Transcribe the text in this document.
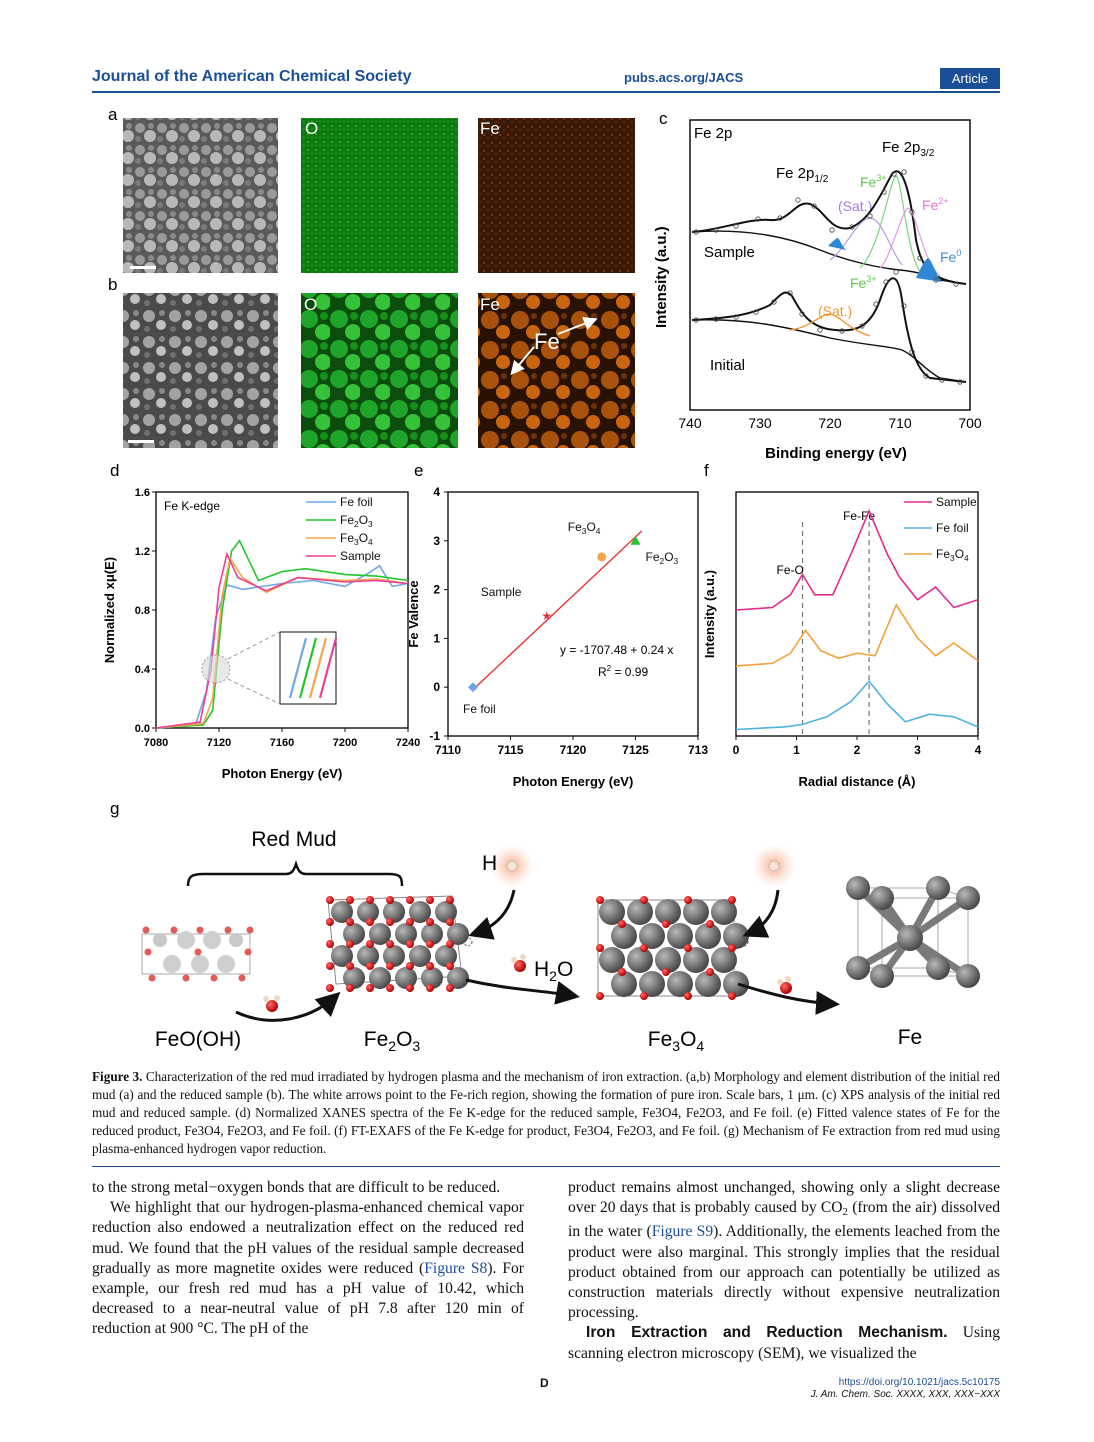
Journal of the American Chemical Society	pubs.acs.org/JACS	Article
a
O	Fe
b
O	Fe
Fe
c
Fe 2p
Fe $2p_{3/2}$
Fe $2p_{1/2}$ $Fe^{3+}$
(Sat.)	$Fe^{2+}$
Fe$^0$
Sample
$Fe^{3+}$
(Sat.)
Initial
Intensity (a.u.)
740	730	720	710	700
Binding energy (eV)
d
7080	7120	7160	7200	7240
0.0
0.4
0.8
1.2
1.6
Photon Energy (eV)
Normalized xμ(E)
Fe K-edge	Fe foil
$Fe_2O_3$
$Fe_3O_4$
Sample
e
7110	7115	7120	7125	713
-1
0
1
2
3
4
Photon Energy (eV)
Fe Valence
Fe foil
★
Sample
$Fe_3O_4$
$Fe_2O_3$
y = -1707.48 + 0.24 x
$R^2 = 0.99$
f
0	1	2	3	4
Radial distance (Å)
Intensity (a.u.)	Fe-O
Fe-Fe
Sample
Fe foil
$Fe_3O_4$
g
Red Mud
FeO(OH)	$Fe_2O_3$
H
$H_2O$
$Fe_3O_4$	Fe
Figure 3. Characterization of the red mud irradiated by hydrogen plasma and the mechanism of iron extraction. (a,b) Morphology and element distribution of the initial red mud (a) and the reduced sample (b). The white arrows point to the Fe-rich region, showing the formation of pure iron. Scale bars, 1 μm. (c) XPS analysis of the initial red mud and reduced sample. (d) Normalized XANES spectra of the Fe K-edge for the reduced sample, Fe3O4, Fe2O3, and Fe foil. (e) Fitted valence states of Fe for the reduced product, Fe3O4, Fe2O3, and Fe foil. (f) FT-EXAFS of the Fe K-edge for product, Fe3O4, Fe2O3, and Fe foil. (g) Mechanism of Fe extraction from red mud using plasma-enhanced hydrogen vapor reduction.

to the strong metal−oxygen bonds that are difficult to be reduced.

We highlight that our hydrogen-plasma-enhanced chemical vapor reduction also endowed a neutralization effect on the reduced red mud. We found that the pH values of the residual sample decreased gradually as more magnetite oxides were reduced (Figure S8). For example, our fresh red mud has a pH value of 10.42, which decreased to a near-neutral value of pH 7.8 after 120 min of reduction at 900 °C. The pH of the

product remains almost unchanged, showing only a slight decrease over 20 days that is probably caused by $CO_2$ (from the air) dissolved in the water (Figure S9). Additionally, the elements leached from the product were also marginal. This strongly implies that the residual product obtained from our approach can potentially be utilized as construction materials directly without expensive neutralization processing.

Iron Extraction and Reduction Mechanism. Using scanning electron microscopy (SEM), we visualized the

D	https://doi.org/10.1021/jacs.5c10175
J. Am. Chem. Soc. XXXX, XXX, XXX−XXX
